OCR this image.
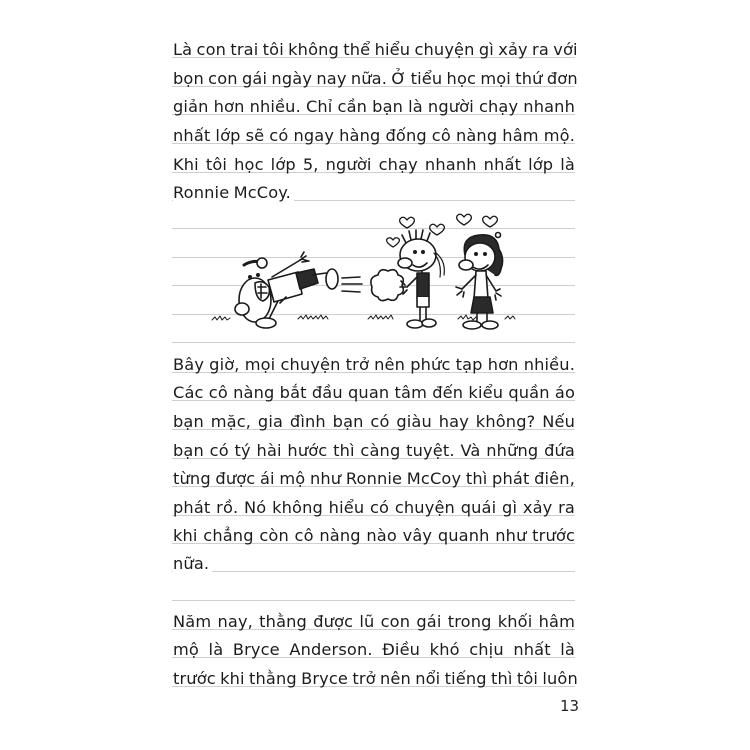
Là con trai tôi không thể hiểu chuyện gì xảy ra với
bọn con gái ngày nay nữa. Ở tiểu học mọi thứ đơn
giản hơn nhiều. Chỉ cần bạn là người chạy nhanh
nhất lớp sẽ có ngay hàng đống cô nàng hâm mộ.
Khi tôi học lớp 5, người chạy nhanh nhất lớp là
Ronnie McCoy.
Bây giờ, mọi chuyện trở nên phức tạp hơn nhiều.
Các cô nàng bắt đầu quan tâm đến kiểu quần áo
bạn mặc, gia đình bạn có giàu hay không? Nếu
bạn có tý hài hước thì càng tuyệt. Và những đứa
từng được ái mộ như Ronnie McCoy thì phát điên,
phát rồ. Nó không hiểu có chuyện quái gì xảy ra
khi chẳng còn cô nàng nào vây quanh như trước
nữa.
Năm nay, thằng được lũ con gái trong khối hâm
mộ là Bryce Anderson. Điều khó chịu nhất là
trước khi thằng Bryce trở nên nổi tiếng thì tôi luôn
13
